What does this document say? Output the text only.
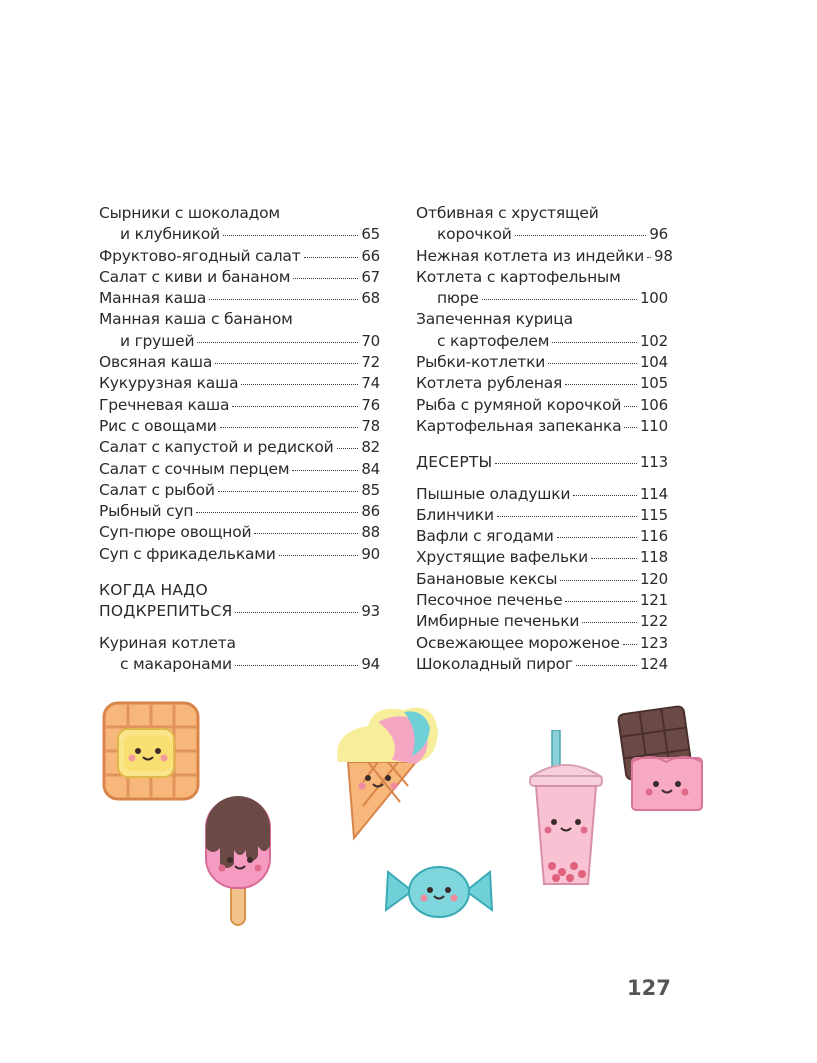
Сырники с шоколадом
и клубникой	65
Фруктово-ягодный салат	66
Салат с киви и бананом	67
Манная каша	68
Манная каша с бананом
и грушей	70
Овсяная каша	72
Кукурузная каша	74
Гречневая каша	76
Рис с овощами	78
Салат с капустой и редиской 82
Салат с сочным перцем	84
Салат с рыбой	85
Рыбный суп	86
Суп-пюре овощной	88
Суп с фрикадельками	90
КОГДА НАДО
ПОДКРЕПИТЬСЯ	93
Куриная котлета
с макаронами	94
Отбивная с хрустящей
корочкой	96
Нежная котлета из индейки 98
Котлета с картофельным
пюре	100
Запеченная курица
с картофелем	102
Рыбки-котлетки	104
Котлета рубленая	105
Рыба с румяной корочкой 106
Картофельная запеканка 110
ДЕСЕРТЫ	113
Пышные оладушки	114
Блинчики	115
Вафли с ягодами	116
Хрустящие вафельки	118
Банановые кексы	120
Песочное печенье	121
Имбирные печеньки	122
Освежающее мороженое 123
Шоколадный пирог	124
127
